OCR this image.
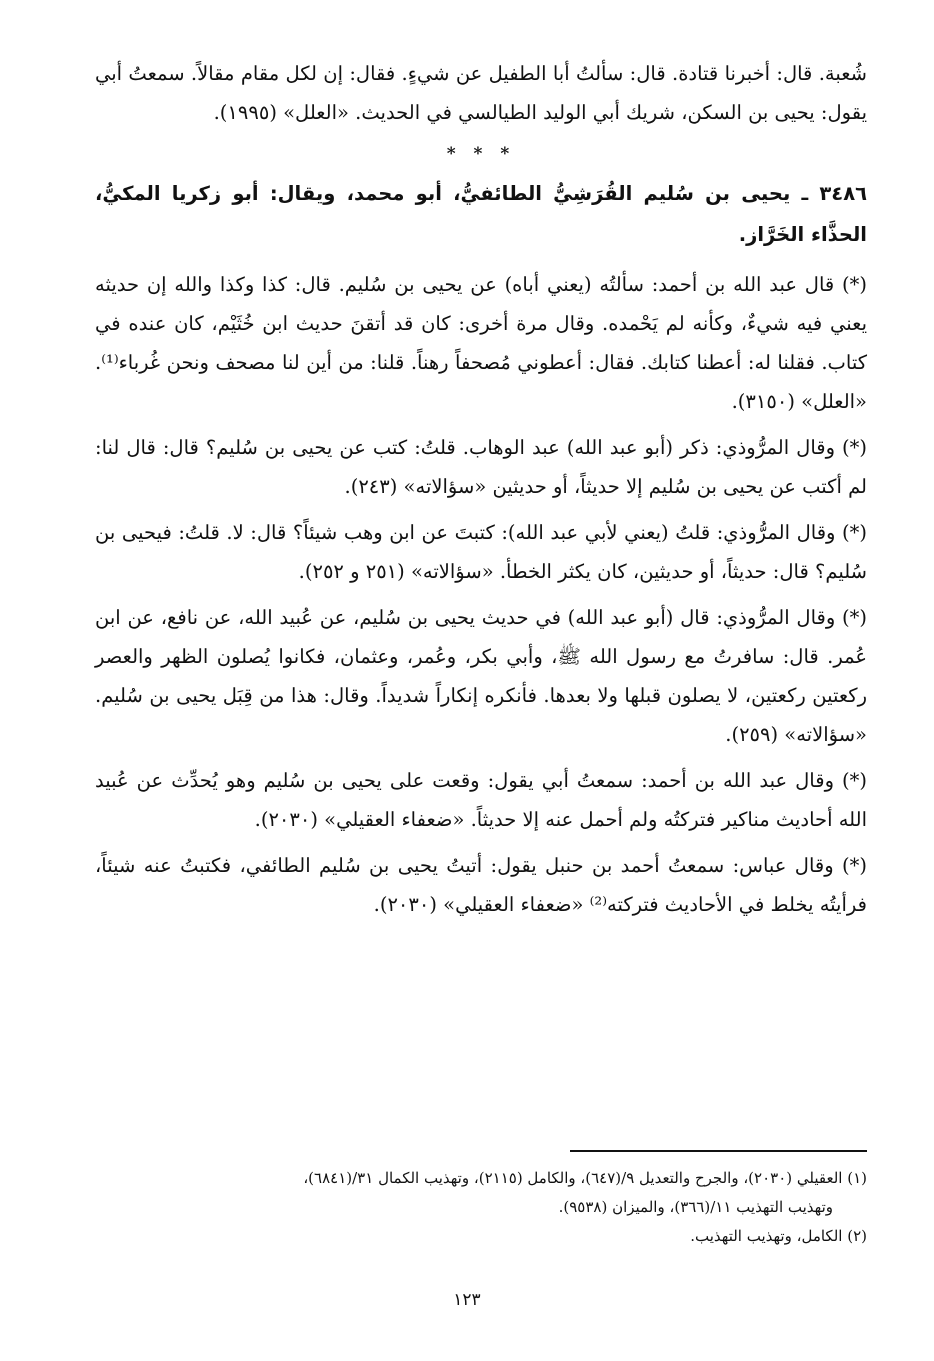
شُعبة. قال: أخبرنا قتادة. قال: سألتُ أبا الطفيل عن شيءٍ. فقال: إن لكل مقام مقالاً. سمعتُ أبي يقول: يحيى بن السكن، شريك أبي الوليد الطيالسي في الحديث. «العلل» (١٩٩٥).

* * *

٣٤٨٦ ـ يحيى بن سُليم القُرَشِيُّ الطائفيُّ، أبو محمد، ويقال: أبو زكريا المكيُّ، الحذَّاء الخَرَّاز.

(*) قال عبد الله بن أحمد: سألتُه (يعني أباه) عن يحيى بن سُليم. قال: كذا وكذا والله إن حديثه يعني فيه شيءٌ، وكأنه لم يَحْمده. وقال مرة أخرى: كان قد أتقنَ حديث ابن خُثَيْم، كان عنده في كتاب. فقلنا له: أعطنا كتابك. فقال: أعطوني مُصحفاً رهناً. قلنا: من أين لنا مصحف ونحن غُرباء⁽¹⁾. «العلل» (٣١٥٠).

(*) وقال المرُّوذي: ذكر (أبو عبد الله) عبد الوهاب. قلتُ: كتب عن يحيى بن سُليم؟ قال: قال لنا: لم أكتب عن يحيى بن سُليم إلا حديثاً، أو حديثين «سؤالاته» (٢٤٣).

(*) وقال المرُّوذي: قلتُ (يعني لأبي عبد الله): كتبتَ عن ابن وهب شيئاً؟ قال: لا. قلتُ: فيحيى بن سُليم؟ قال: حديثاً، أو حديثين، كان يكثر الخطأ. «سؤالاته» (٢٥١ و ٢٥٢).

(*) وقال المرُّوذي: قال (أبو عبد الله) في حديث يحيى بن سُليم، عن عُبيد الله، عن نافع، عن ابن عُمر. قال: سافرتُ مع رسول الله ﷺ، وأبي بكر، وعُمر، وعثمان، فكانوا يُصلون الظهر والعصر ركعتين ركعتين، لا يصلون قبلها ولا بعدها. فأنكره إنكاراً شديداً. وقال: هذا من قِبَل يحيى بن سُليم. «سؤالاته» (٢٥٩).

(*) وقال عبد الله بن أحمد: سمعتُ أبي يقول: وقعت على يحيى بن سُليم وهو يُحدِّث عن عُبيد الله أحاديث مناكير فتركتُه ولم أحمل عنه إلا حديثاً. «ضعفاء العقيلي» (٢٠٣٠).

(*) وقال عباس: سمعتُ أحمد بن حنبل يقول: أتيتُ يحيى بن سُليم الطائفي، فكتبتُ عنه شيئاً، فرأيتُه يخلط في الأحاديث فتركته⁽²⁾ «ضعفاء العقيلي» (٢٠٣٠).

(١) العقيلي (٢٠٣٠)، والجرح والتعديل ٩/(٦٤٧)، والكامل (٢١١٥)، وتهذيب الكمال ٣١/(٦٨٤١)،

وتهذيب التهذيب ١١/(٣٦٦)، والميزان (٩٥٣٨).

(٢) الكامل، وتهذيب التهذيب.

١٢٣
